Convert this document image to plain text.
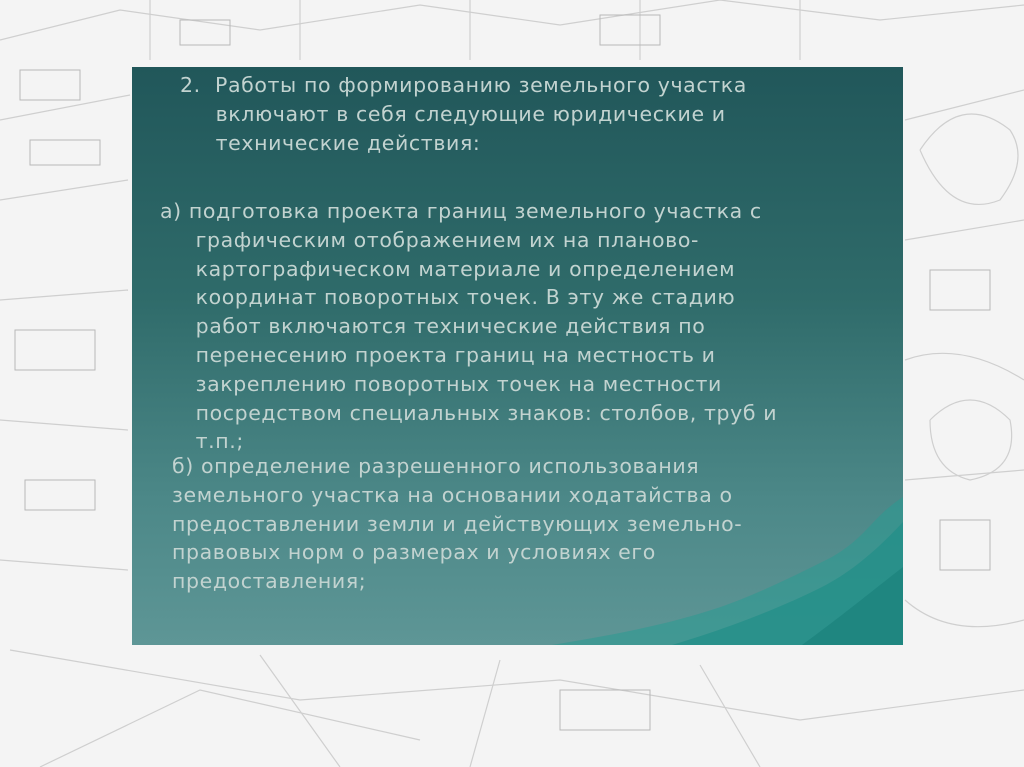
2.  Работы по формированию земельного участка
включают в себя следующие юридические и
технические действия:
а) подготовка проекта границ земельного участка с
графическим отображением их на планово-
картографическом материале и определением
координат поворотных точек. В эту же стадию
работ включаются технические действия по
перенесению проекта границ на местность и
закреплению поворотных точек на местности
посредством специальных знаков: столбов, труб и
т.п.;
б) определение разрешенного использования
земельного участка на основании ходатайства о
предоставлении земли и действующих земельно-
правовых норм о размерах и условиях его
предоставления;
